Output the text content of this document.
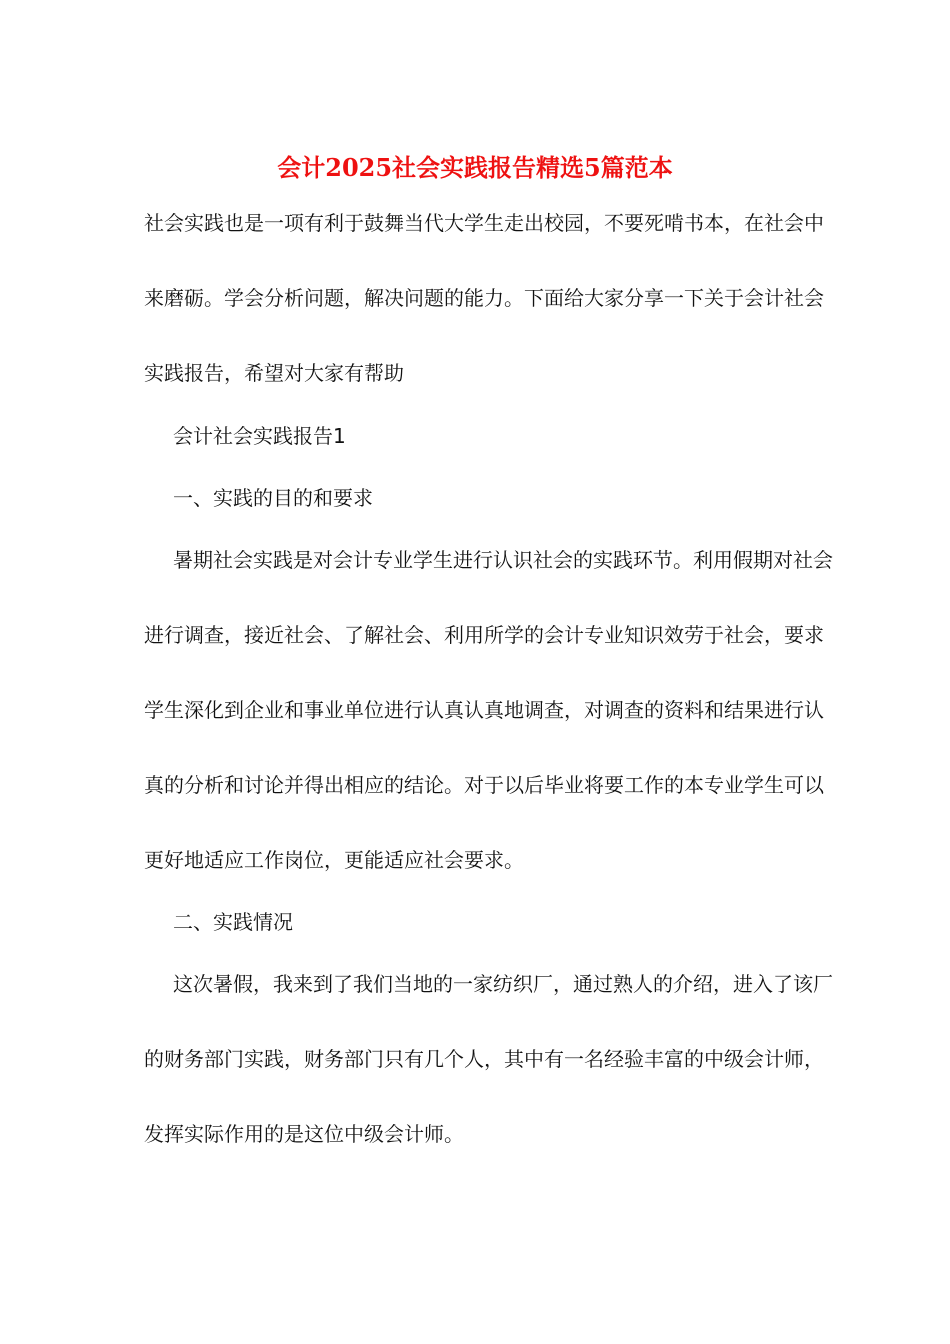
会计2025社会实践报告精选5篇范本
社会实践也是一项有利于鼓舞当代大学生走出校园，不要死啃书本，在社会中
来磨砺。学会分析问题，解决问题的能力。下面给大家分享一下关于会计社会
实践报告，希望对大家有帮助
会计社会实践报告1
一、实践的目的和要求
暑期社会实践是对会计专业学生进行认识社会的实践环节。利用假期对社会
进行调查，接近社会、了解社会、利用所学的会计专业知识效劳于社会，要求
学生深化到企业和事业单位进行认真认真地调查，对调查的资料和结果进行认
真的分析和讨论并得出相应的结论。对于以后毕业将要工作的本专业学生可以
更好地适应工作岗位，更能适应社会要求。
二、实践情况
这次暑假，我来到了我们当地的一家纺织厂，通过熟人的介绍，进入了该厂
的财务部门实践，财务部门只有几个人，其中有一名经验丰富的中级会计师，
发挥实际作用的是这位中级会计师。
